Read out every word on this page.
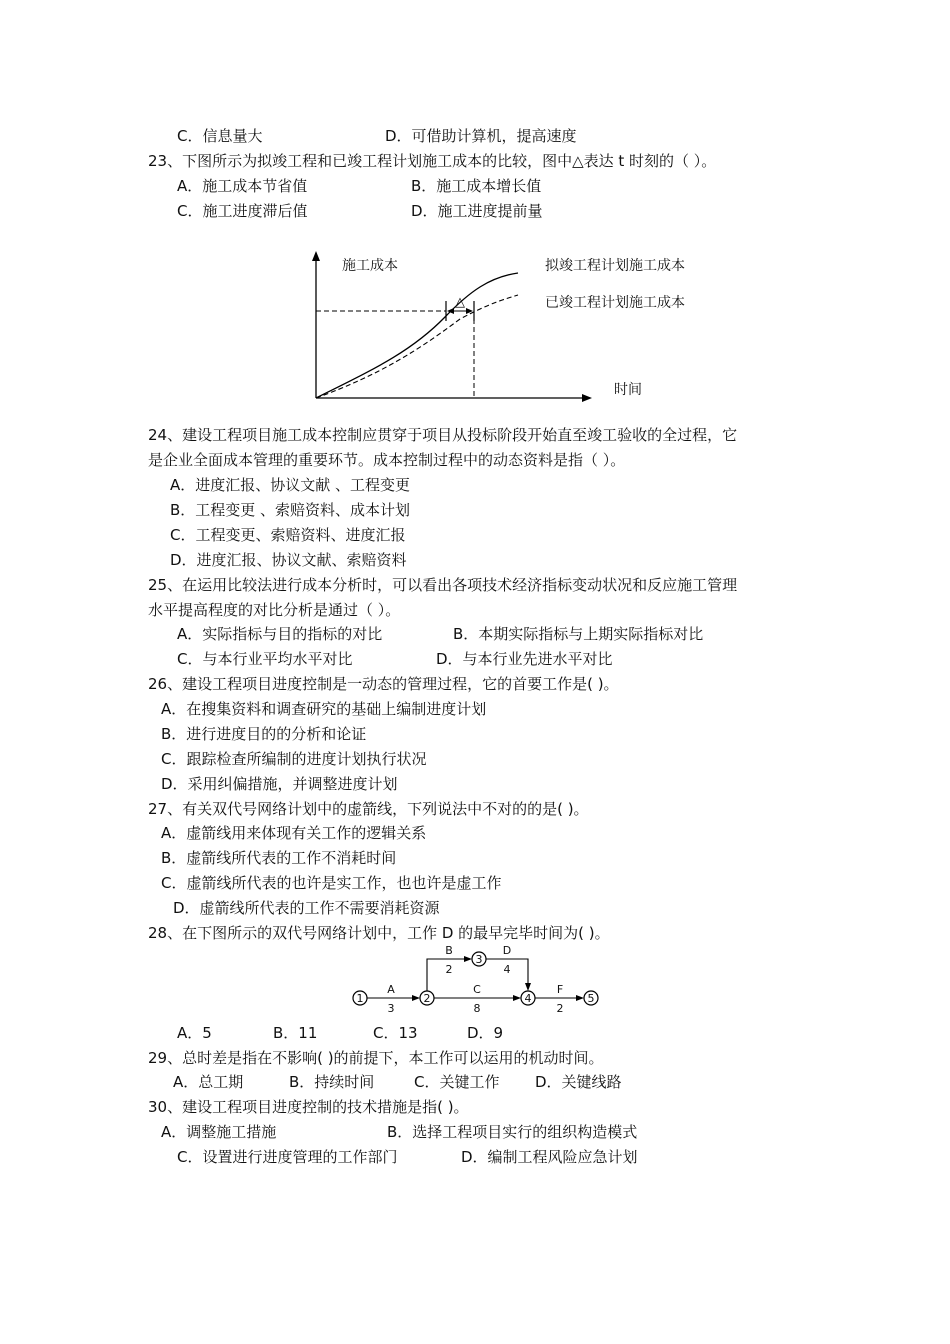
C．信息量大	D．可借助计算机，提高速度
23、下图所示为拟竣工程和已竣工程计划施工成本的比较，图中△表达 t 时刻的（ ）。
A．施工成本节省值	B．施工成本增长值
C．施工进度滞后值	D．施工进度提前量
施工成本
时间
△
拟竣工程计划施工成本
已竣工程计划施工成本
24、建设工程项目施工成本控制应贯穿于项目从投标阶段开始直至竣工验收的全过程，它
是企业全面成本管理的重要环节。成本控制过程中的动态资料是指（ ）。
A．进度汇报、协议文献 、工程变更
B．工程变更 、索赔资料、成本计划
C．工程变更、索赔资料、进度汇报
D．进度汇报、协议文献、索赔资料
25、在运用比较法进行成本分析时，可以看出各项技术经济指标变动状况和反应施工管理
水平提高程度的对比分析是通过（ ）。
A．实际指标与目的指标的对比	B．本期实际指标与上期实际指标对比
C．与本行业平均水平对比	D．与本行业先进水平对比
26、建设工程项目进度控制是一动态的管理过程，它的首要工作是( )。
A．在搜集资料和调查研究的基础上编制进度计划
B．进行进度目的的分析和论证
C．跟踪检查所编制的进度计划执行状况
D．采用纠偏措施，并调整进度计划
27、有关双代号网络计划中的虚箭线，下列说法中不对的的是( )。
A．虚箭线用来体现有关工作的逻辑关系
B．虚箭线所代表的工作不消耗时间
C．虚箭线所代表的也许是实工作，也也许是虚工作
D．虚箭线所代表的工作不需要消耗资源
28、在下图所示的双代号网络计划中，工作 D 的最早完毕时间为( )。
1	2
3
4	5
A
3
B
2
D
4
C
8
F
2
A．5	B．11	C．13	D．9
29、总时差是指在不影响( )的前提下，本工作可以运用的机动时间。
A．总工期	B．持续时间	C．关键工作 D．关键线路
30、建设工程项目进度控制的技术措施是指( )。
A．调整施工措施	B．选择工程项目实行的组织构造模式
C．设置进行进度管理的工作部门	D．编制工程风险应急计划
